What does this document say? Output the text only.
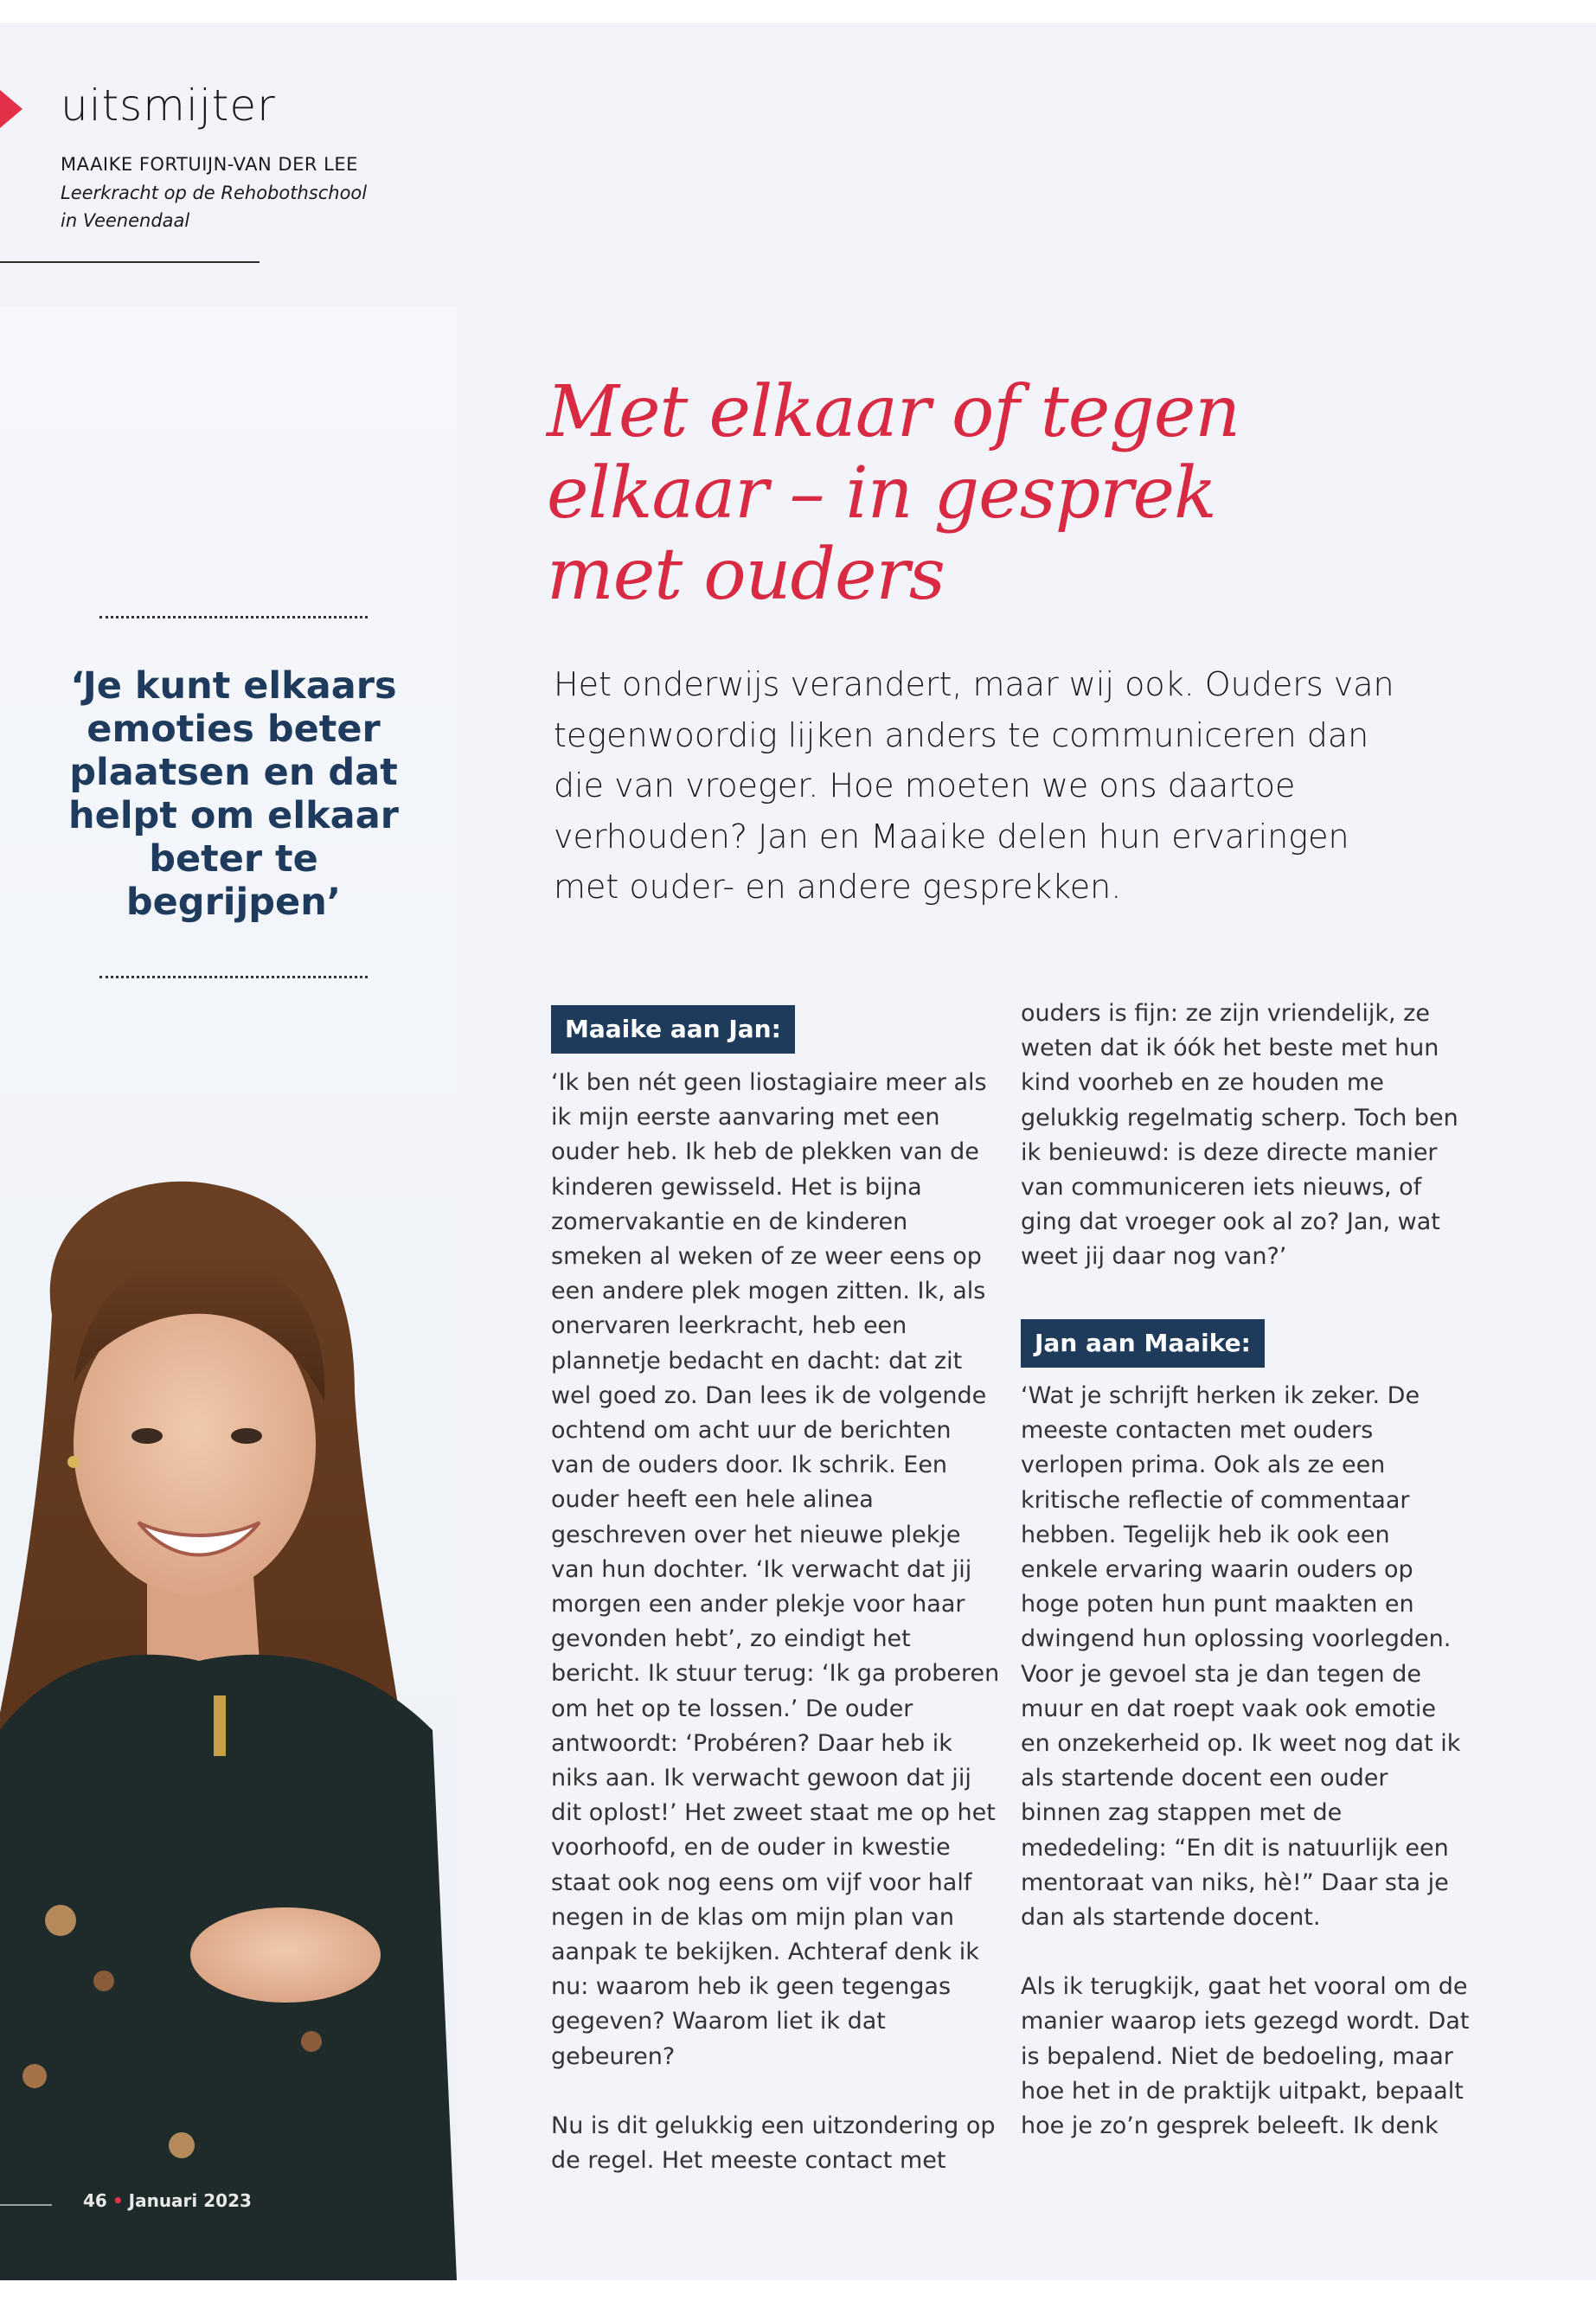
uitsmijter
MAAIKE FORTUIJN-VAN DER LEE
Leerkracht op de Rehobothschool
in Veenendaal

‘Je kunt elkaars emoties beter plaatsen en dat helpt om elkaar beter te begrijpen’

Met elkaar of tegen
elkaar – in gesprek
met ouders

Het onderwijs verandert, maar wij ook. Ouders van tegenwoordig lijken anders te communiceren dan die van vroeger. Hoe moeten we ons daartoe verhouden? Jan en Maaike delen hun ervaringen met ouder- en andere gesprekken.

Maaike aan Jan:
Jan aan Maaike:

‘Ik ben nét geen liostagiaire meer als ik mijn eerste aanvaring met een ouder heb. Ik heb de plekken van de kinderen gewisseld. Het is bijna zomervakantie en de kinderen smeken al weken of ze weer eens op een andere plek mogen zitten. Ik, als onervaren leerkracht, heb een plannetje bedacht en dacht: dat zit wel goed zo. Dan lees ik de volgende ochtend om acht uur de berichten van de ouders door. Ik schrik. Een ouder heeft een hele alinea geschreven over het nieuwe plekje van hun dochter. ‘Ik verwacht dat jij morgen een ander plekje voor haar gevonden hebt’, zo eindigt het bericht. Ik stuur terug: ‘Ik ga proberen om het op te lossen.’ De ouder antwoordt: ‘Probéren? Daar heb ik niks aan. Ik verwacht gewoon dat jij dit oplost!’ Het zweet staat me op het voorhoofd, en de ouder in kwestie staat ook nog eens om vijf voor half negen in de klas om mijn plan van aanpak te bekijken. Achteraf denk ik nu: waarom heb ik geen tegengas gegeven? Waarom liet ik dat gebeuren?

Nu is dit gelukkig een uitzondering op de regel. Het meeste contact met

ouders is fijn: ze zijn vriendelijk, ze weten dat ik óók het beste met hun kind voorheb en ze houden me gelukkig regelmatig scherp. Toch ben ik benieuwd: is deze directe manier van communiceren iets nieuws, of ging dat vroeger ook al zo? Jan, wat weet jij daar nog van?’

‘Wat je schrijft herken ik zeker. De meeste contacten met ouders verlopen prima. Ook als ze een kritische reflectie of commentaar hebben. Tegelijk heb ik ook een enkele ervaring waarin ouders op hoge poten hun punt maakten en dwingend hun oplossing voorlegden. Voor je gevoel sta je dan tegen de muur en dat roept vaak ook emotie en onzekerheid op. Ik weet nog dat ik als startende docent een ouder binnen zag stappen met de mededeling: “En dit is natuurlijk een mentoraat van niks, hè!” Daar sta je dan als startende docent.

Als ik terugkijk, gaat het vooral om de manier waarop iets gezegd wordt. Dat is bepalend. Niet de bedoeling, maar hoe het in de praktijk uitpakt, bepaalt hoe je zo’n gesprek beleeft. Ik denk

46 • Januari 2023
